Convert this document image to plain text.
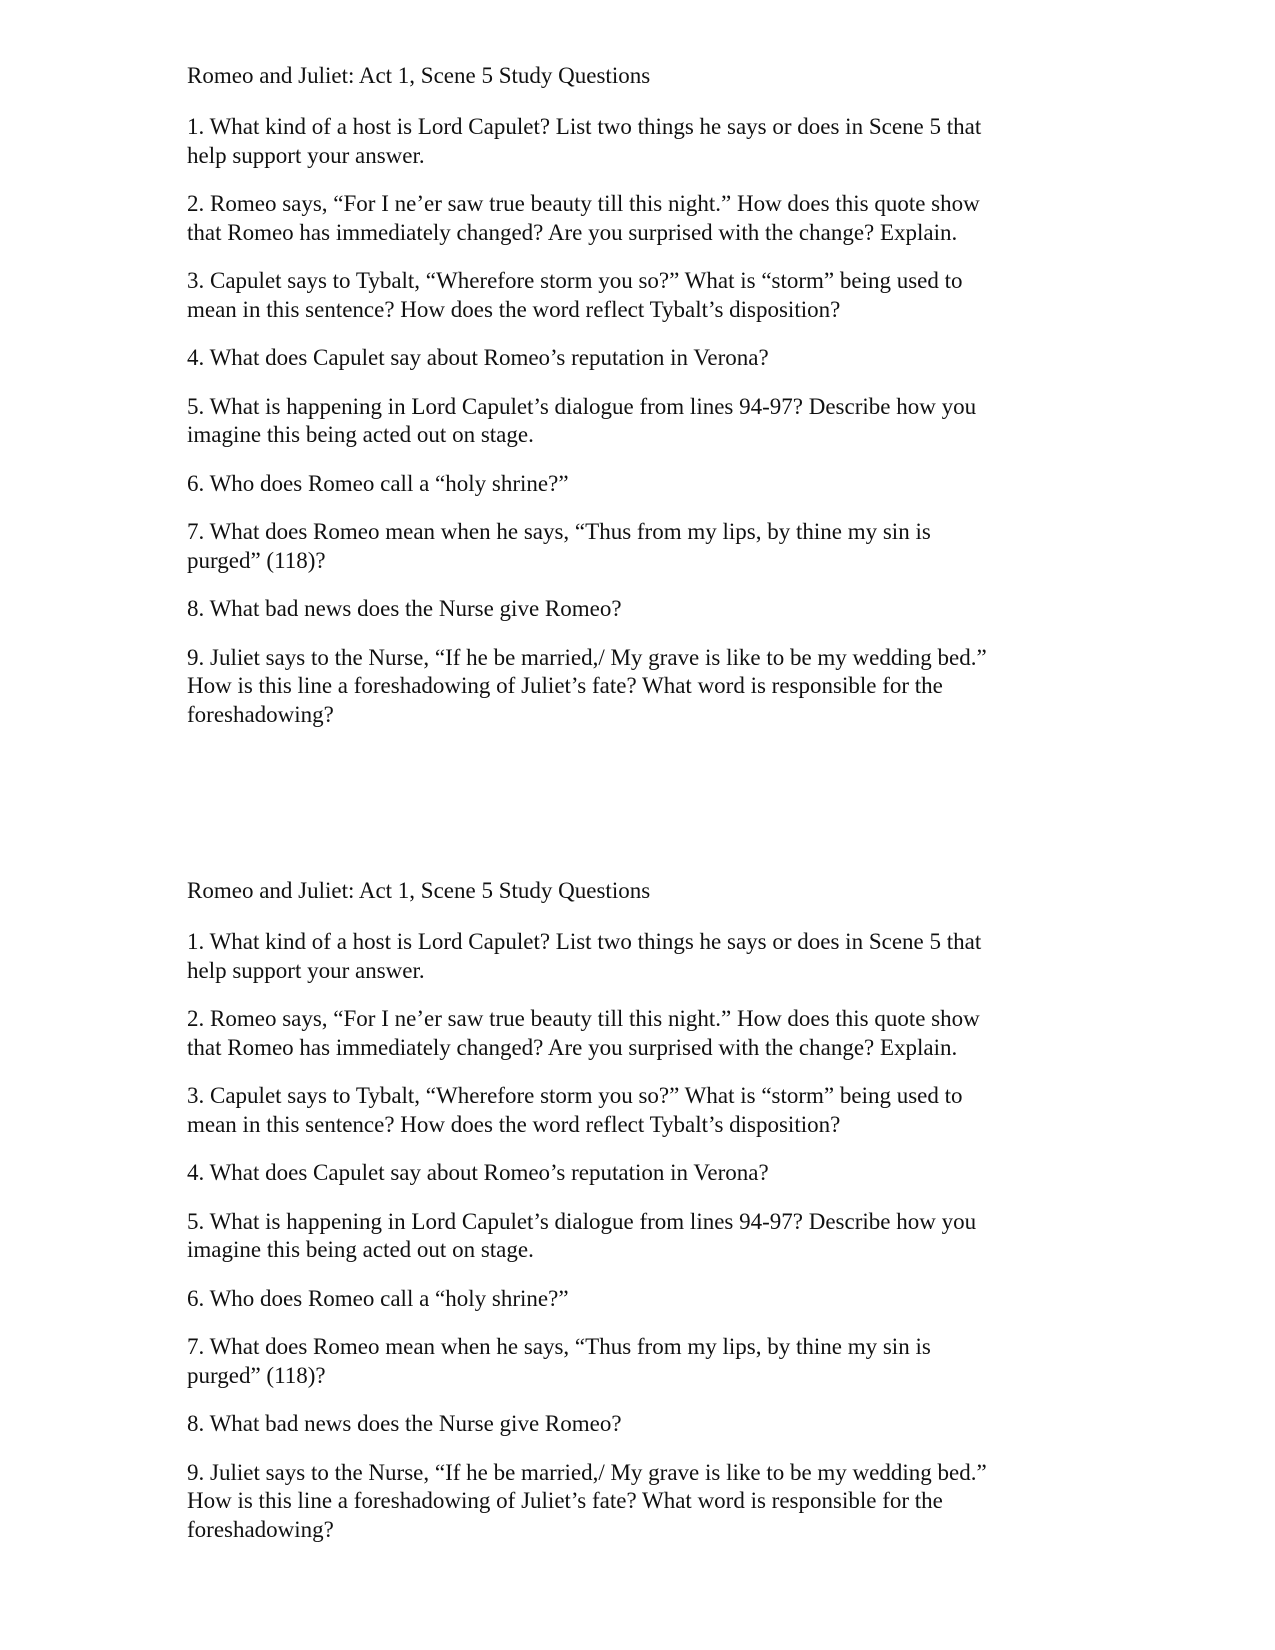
Romeo and Juliet: Act 1, Scene 5 Study Questions
1. What kind of a host is Lord Capulet? List two things he says or does in Scene 5 that
help support your answer.
2. Romeo says, “For I ne’er saw true beauty till this night.” How does this quote show
that Romeo has immediately changed? Are you surprised with the change? Explain.
3. Capulet says to Tybalt, “Wherefore storm you so?” What is “storm” being used to
mean in this sentence? How does the word reflect Tybalt’s disposition?
4. What does Capulet say about Romeo’s reputation in Verona?
5. What is happening in Lord Capulet’s dialogue from lines 94-97? Describe how you
imagine this being acted out on stage.
6. Who does Romeo call a “holy shrine?”
7. What does Romeo mean when he says, “Thus from my lips, by thine my sin is
purged” (118)?
8. What bad news does the Nurse give Romeo?
9. Juliet says to the Nurse, “If he be married,/ My grave is like to be my wedding bed.”
How is this line a foreshadowing of Juliet’s fate? What word is responsible for the
foreshadowing?
Romeo and Juliet: Act 1, Scene 5 Study Questions
1. What kind of a host is Lord Capulet? List two things he says or does in Scene 5 that
help support your answer.
2. Romeo says, “For I ne’er saw true beauty till this night.” How does this quote show
that Romeo has immediately changed? Are you surprised with the change? Explain.
3. Capulet says to Tybalt, “Wherefore storm you so?” What is “storm” being used to
mean in this sentence? How does the word reflect Tybalt’s disposition?
4. What does Capulet say about Romeo’s reputation in Verona?
5. What is happening in Lord Capulet’s dialogue from lines 94-97? Describe how you
imagine this being acted out on stage.
6. Who does Romeo call a “holy shrine?”
7. What does Romeo mean when he says, “Thus from my lips, by thine my sin is
purged” (118)?
8. What bad news does the Nurse give Romeo?
9. Juliet says to the Nurse, “If he be married,/ My grave is like to be my wedding bed.”
How is this line a foreshadowing of Juliet’s fate? What word is responsible for the
foreshadowing?
